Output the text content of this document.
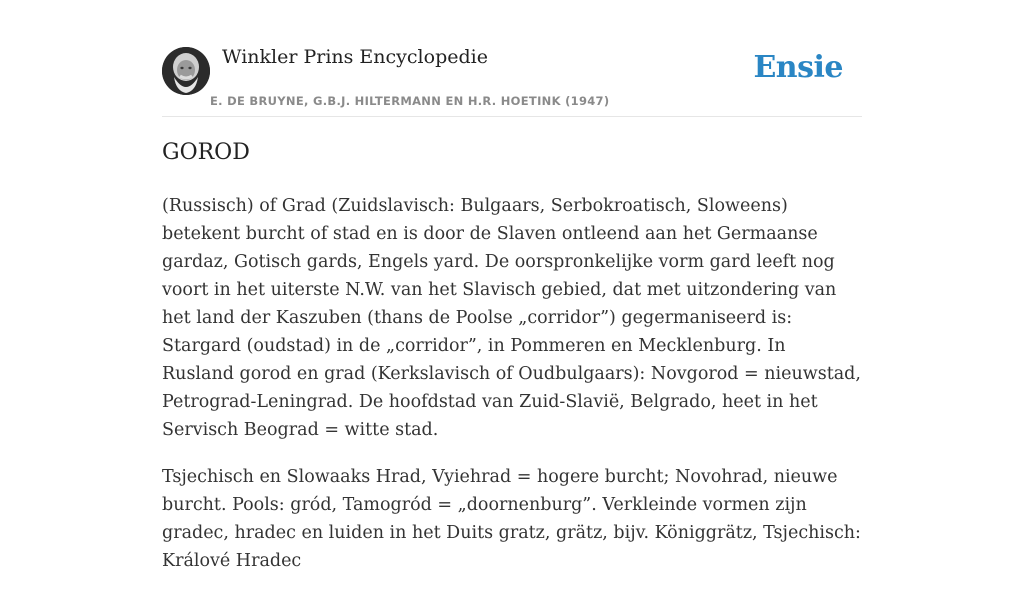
Winkler Prins Encyclopedie
E. DE BRUYNE, G.B.J. HILTERMANN EN H.R. HOETINK (1947)
Ensie
GOROD

(Russisch) of Grad (Zuidslavisch: Bulgaars, Serbokroatisch, Sloweens) betekent burcht of stad en is door de Slaven ontleend aan het Germaanse gardaz, Gotisch gards, Engels yard. De oorspronkelijke vorm gard leeft nog voort in het uiterste N.W. van het Slavisch gebied, dat met uitzondering van het land der Kaszuben (thans de Poolse „corridor”) gegermaniseerd is: Stargard (oudstad) in de „corridor”, in Pommeren en Mecklenburg. In Rusland gorod en grad (Kerkslavisch of Oudbulgaars): Novgorod = nieuwstad, Petrograd-Leningrad. De hoofdstad van Zuid-Slavië, Belgrado, heet in het Servisch Beograd = witte stad.

Tsjechisch en Slowaaks Hrad, Vyiehrad = hogere burcht; Novohrad, nieuwe burcht. Pools: gród, Tamogród = „doornenburg”. Verkleinde vormen zijn gradec, hradec en luiden in het Duits gratz, grätz, bijv. Königgrätz, Tsjechisch: Králové Hradec
